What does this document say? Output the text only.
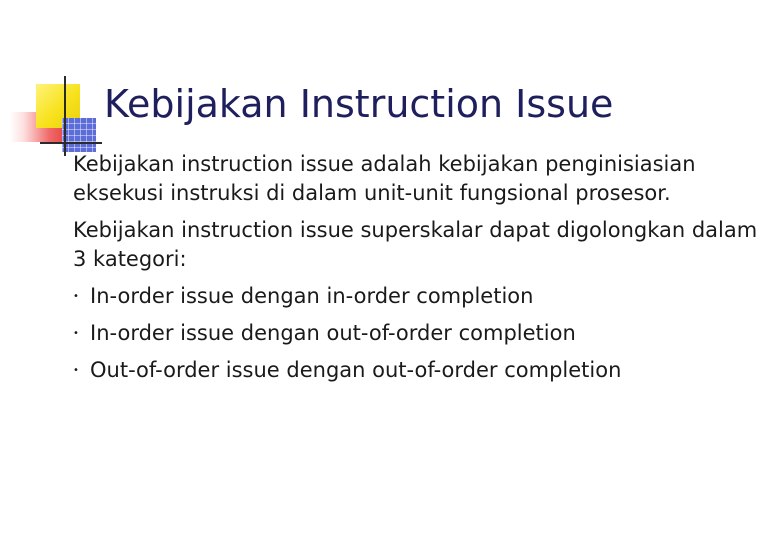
Kebijakan Instruction Issue

Kebijakan instruction issue adalah kebijakan penginisiasian eksekusi instruksi di dalam unit-unit fungsional prosesor.

Kebijakan instruction issue superskalar dapat digolongkan dalam 3 kategori:

• In-order issue dengan in-order completion
• In-order issue dengan out-of-order completion
• Out-of-order issue dengan out-of-order completion
